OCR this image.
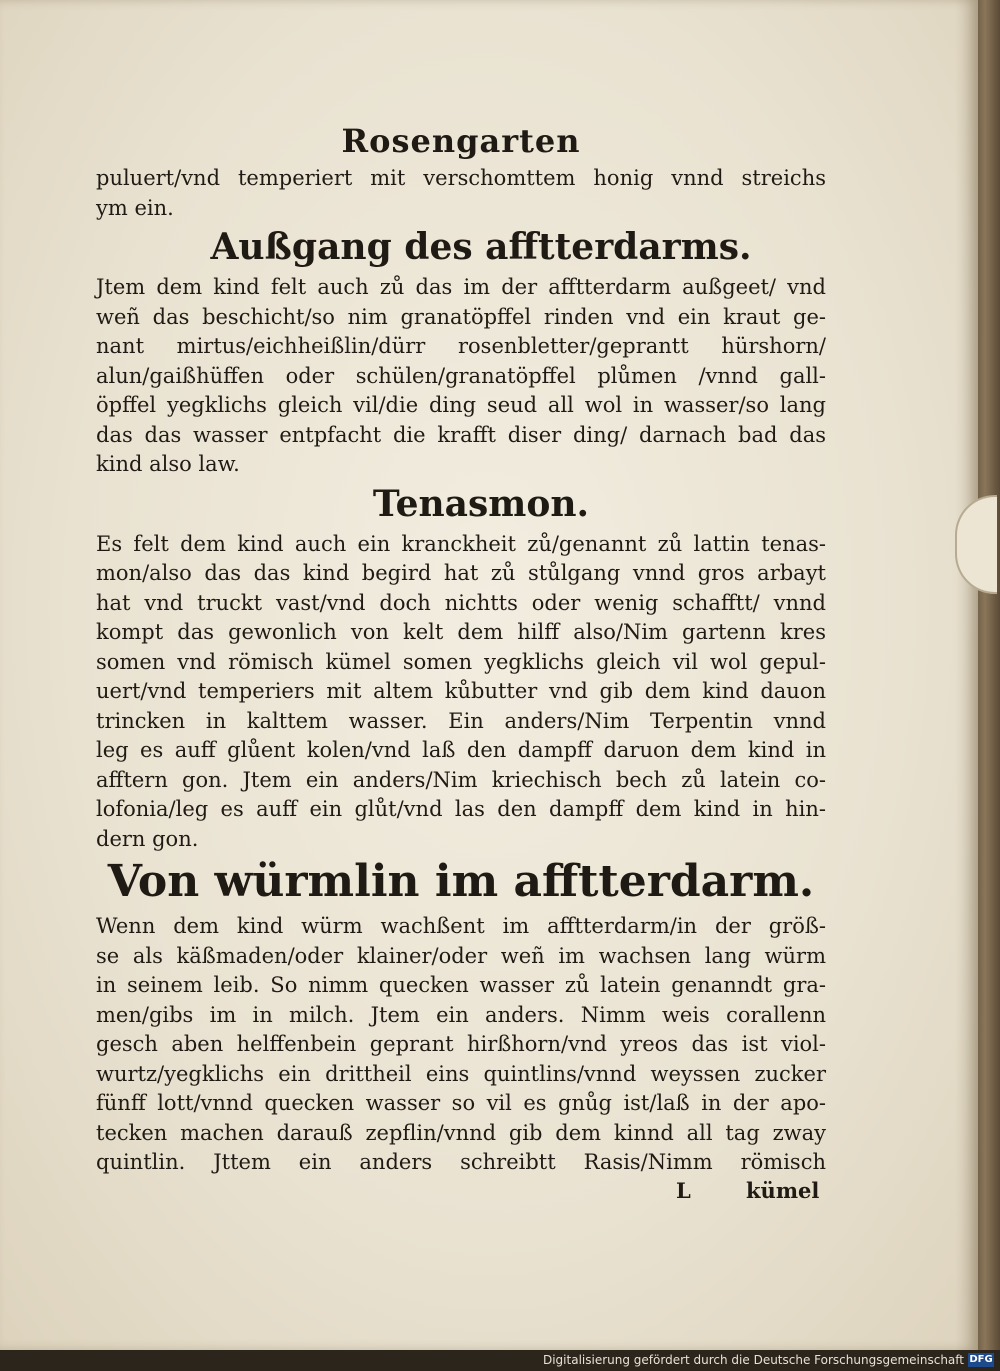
Rosengarten
puluert/vnd temperiert mit verschomttem honig vnnd streichs
ym ein.
Außgang des afftterdarms.
Jtem dem kind felt auch zů das im der afftterdarm außgeet/ vnd
weñ das beschicht/so nim granatöpffel rinden vnd ein kraut ge-
nant mirtus/eichheißlin/dürr rosenbletter/geprantt hürshorn/
alun/gaißhüffen oder schülen/granatöpffel plůmen /vnnd gall-
öpffel yegklichs gleich vil/die ding seud all wol in wasser/so lang
das das wasser entpfacht die krafft diser ding/ darnach bad das
kind also law.
Tenasmon.
Es felt dem kind auch ein kranckheit zů/genannt zů lattin tenas-
mon/also das das kind begird hat zů stůlgang vnnd gros arbayt
hat vnd truckt vast/vnd doch nichtts oder wenig schafftt/ vnnd
kompt das gewonlich von kelt dem hilff also/Nim gartenn kres
somen vnd römisch kümel somen yegklichs gleich vil wol gepul-
uert/vnd temperiers mit altem kůbutter vnd gib dem kind dauon
trincken in kalttem wasser. Ein anders/Nim Terpentin vnnd
leg es auff glůent kolen/vnd laß den dampff daruon dem kind in
afftern gon. Jtem ein anders/Nim kriechisch bech zů latein co-
lofonia/leg es auff ein glůt/vnd las den dampff dem kind in hin-
dern gon.
Von würmlin im afftterdarm.
Wenn dem kind würm wachßent im afftterdarm/in der größ-
se als käßmaden/oder klainer/oder weñ im wachsen lang würm
in seinem leib. So nimm quecken wasser zů latein genanndt gra-
men/gibs im in milch. Jtem ein anders. Nimm weis corallenn
gesch aben helffenbein geprant hirßhorn/vnd yreos das ist viol-
wurtz/yegklichs ein drittheil eins quintlins/vnnd weyssen zucker
fünff lott/vnnd quecken wasser so vil es gnůg ist/laß in der apo-
tecken machen darauß zepflin/vnnd gib dem kinnd all tag zway
quintlin. Jttem ein anders schreibtt Rasis/Nimm römisch
L	kümel
Digitalisierung gefördert durch die Deutsche Forschungsgemeinschaft DFG
